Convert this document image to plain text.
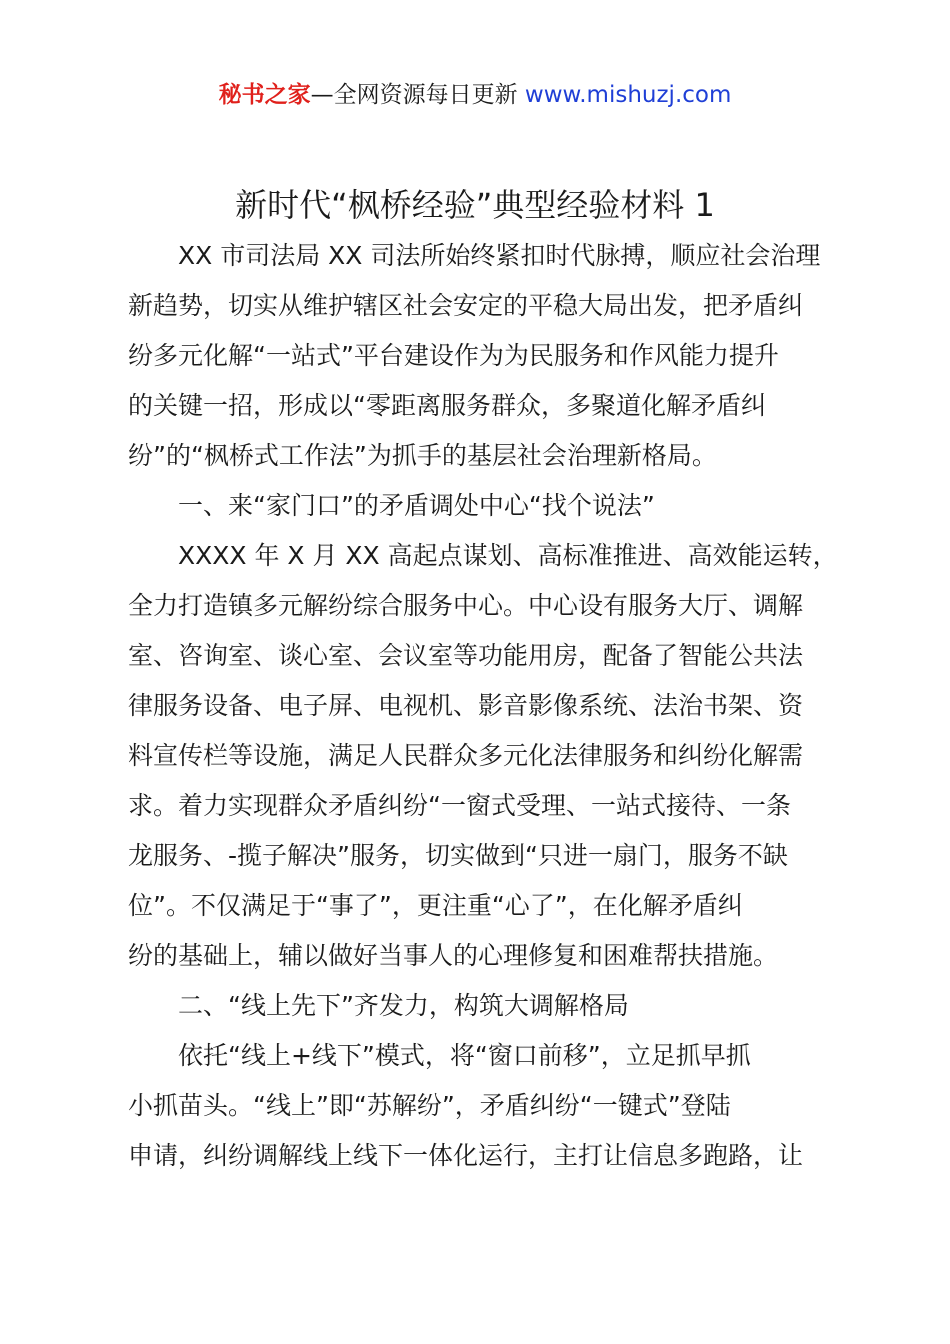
秘书之家—全网资源每日更新 www.mishuzj.com
新时代“枫桥经验”典型经验材料 1
XX 市司法局 XX 司法所始终紧扣时代脉搏，顺应社会治理
新趋势，切实从维护辖区社会安定的平稳大局出发，把矛盾纠
纷多元化解“一站式”平台建设作为为民服务和作风能力提升
的关键一招，形成以“零距离服务群众，多聚道化解矛盾纠
纷”的“枫桥式工作法”为抓手的基层社会治理新格局。
一、来“家门口”的矛盾调处中心“找个说法”
XXXX 年 X 月 XX 高起点谋划、高标准推进、高效能运转，
全力打造镇多元解纷综合服务中心。中心设有服务大厅、调解
室、咨询室、谈心室、会议室等功能用房，配备了智能公共法
律服务设备、电子屏、电视机、影音影像系统、法治书架、资
料宣传栏等设施，满足人民群众多元化法律服务和纠纷化解需
求。着力实现群众矛盾纠纷“一窗式受理、一站式接待、一条
龙服务、-揽子解决”服务，切实做到“只进一扇门，服务不缺
位”。不仅满足于“事了”，更注重“心了”，在化解矛盾纠
纷的基础上，辅以做好当事人的心理修复和困难帮扶措施。
二、“线上先下”齐发力，构筑大调解格局
依托“线上+线下”模式，将“窗口前移”，立足抓早抓
小抓苗头。“线上”即“苏解纷”，矛盾纠纷“一键式”登陆
申请，纠纷调解线上线下一体化运行，主打让信息多跑路，让
